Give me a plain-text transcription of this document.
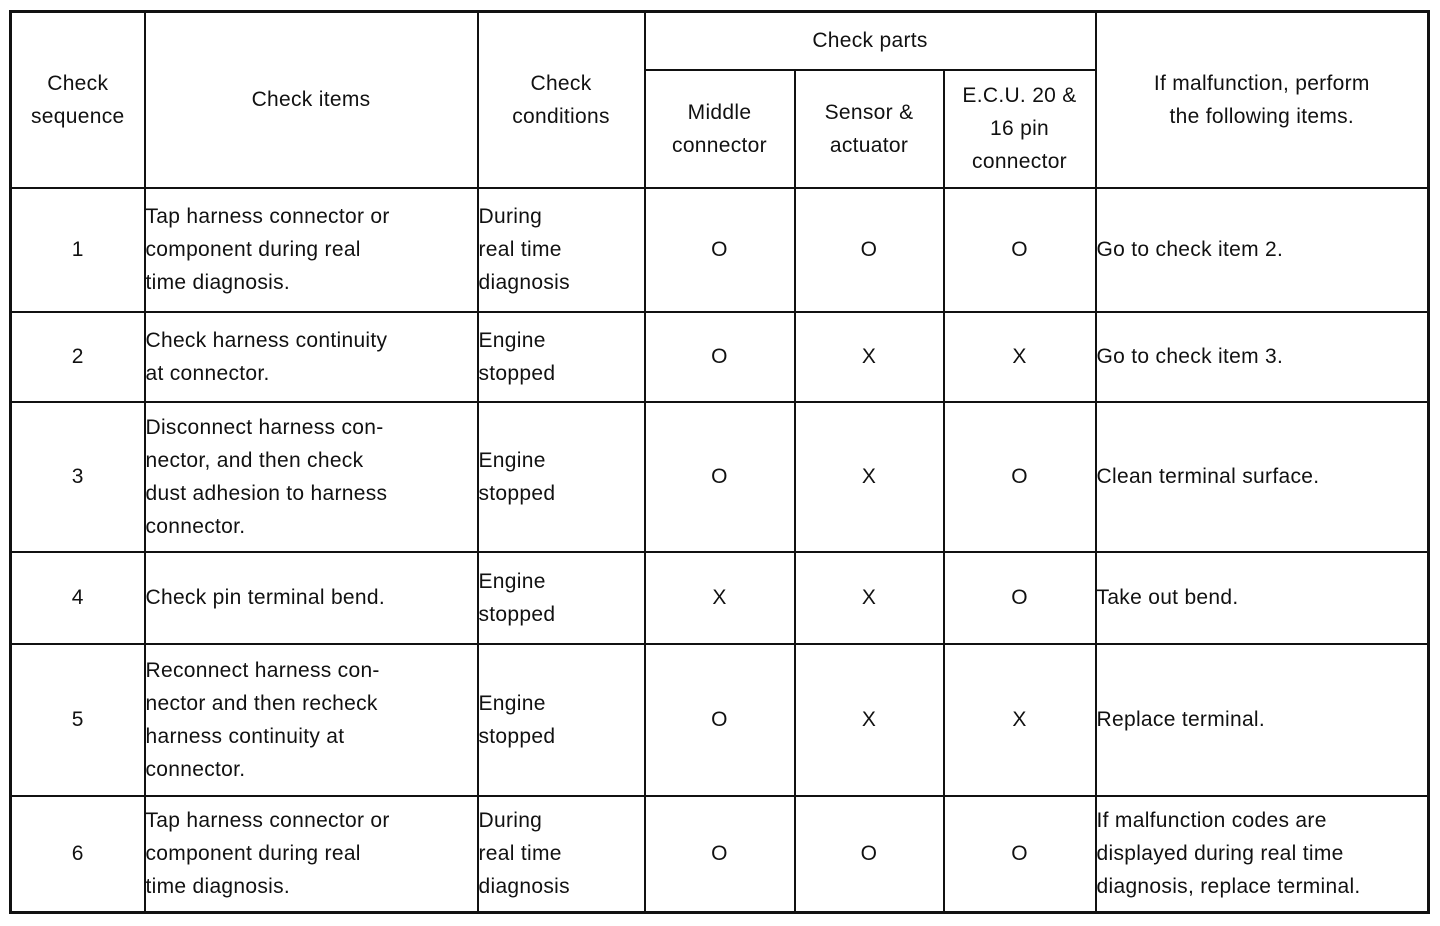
Check
sequence	Check items	Check
conditions	Check parts			If malfunction, perform
the following items.

			Middle
connector	Sensor &
actuator	E.C.U. 20 &
16 pin
connector	

1	Tap harness connector or
component during real
time diagnosis.	During
real time
diagnosis	O	O	O	Go to check item 2.

2	Check harness continuity
at connector.	Engine
stopped	O	X	X	Go to check item 3.

3	Disconnect harness con-
nector, and then check
dust adhesion to harness
connector.	Engine
stopped	O	X	O	Clean terminal surface.

4	Check pin terminal bend.	Engine
stopped	X	X	O	Take out bend.

5	Reconnect harness con-
nector and then recheck
harness continuity at
connector.	Engine
stopped	O	X	X	Replace terminal.

6	Tap harness connector or
component during real
time diagnosis.	During
real time
diagnosis	O	O	O	If malfunction codes are
displayed during real time
diagnosis, replace terminal.
